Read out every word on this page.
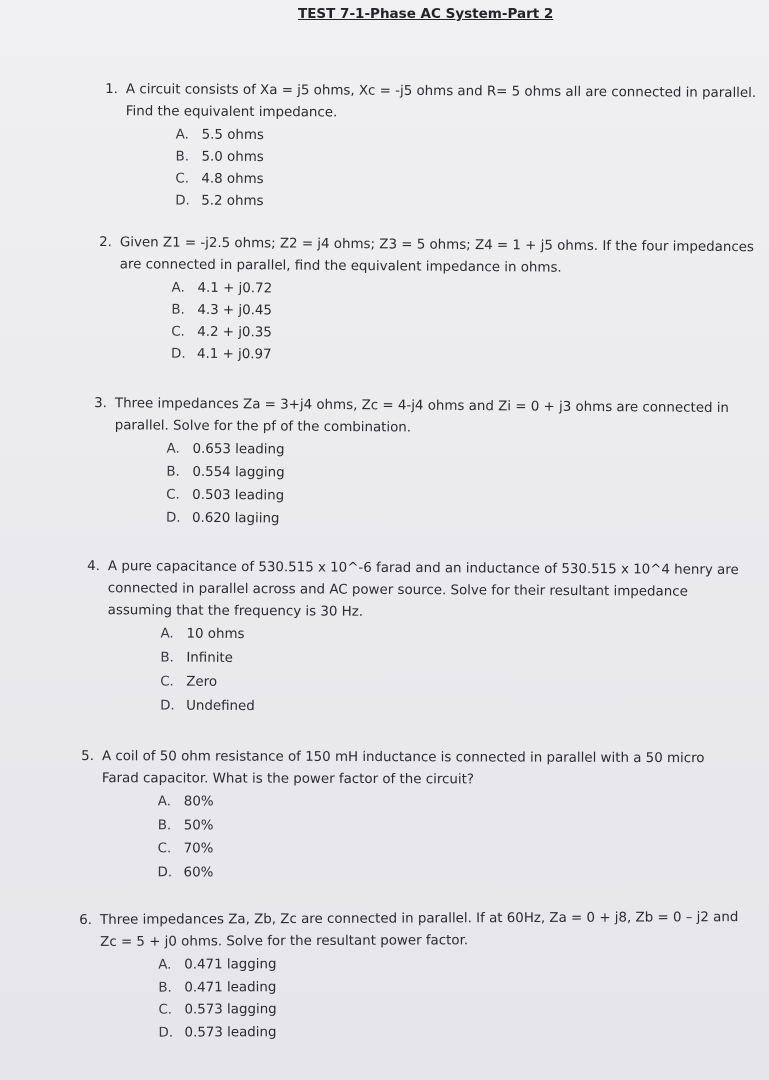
TEST 7-1-Phase AC System-Part 2
1. A circuit consists of Xa = j5 ohms, Xc = -j5 ohms and R= 5 ohms all are connected in parallel.
Find the equivalent impedance.
A. 5.5 ohms
B. 5.0 ohms
C. 4.8 ohms
D. 5.2 ohms
2. Given Z1 = -j2.5 ohms; Z2 = j4 ohms; Z3 = 5 ohms; Z4 = 1 + j5 ohms. If the four impedances
are connected in parallel, find the equivalent impedance in ohms.
A. 4.1 + j0.72
B. 4.3 + j0.45
C. 4.2 + j0.35
D. 4.1 + j0.97
3. Three impedances Za = 3+j4 ohms, Zc = 4-j4 ohms and Zi = 0 + j3 ohms are connected in
parallel. Solve for the pf of the combination.
A. 0.653 leading
B. 0.554 lagging
C. 0.503 leading
D. 0.620 lagiing
4. A pure capacitance of 530.515 x 10^-6 farad and an inductance of 530.515 x 10^4 henry are
connected in parallel across and AC power source. Solve for their resultant impedance
assuming that the frequency is 30 Hz.
A. 10 ohms
B. Infinite
C. Zero
D. Undefined
5. A coil of 50 ohm resistance of 150 mH inductance is connected in parallel with a 50 micro
Farad capacitor. What is the power factor of the circuit?
A. 80%
B. 50%
C. 70%
D. 60%
6. Three impedances Za, Zb, Zc are connected in parallel. If at 60Hz, Za = 0 + j8, Zb = 0 – j2 and
Zc = 5 + j0 ohms. Solve for the resultant power factor.
A. 0.471 lagging
B. 0.471 leading
C. 0.573 lagging
D. 0.573 leading
